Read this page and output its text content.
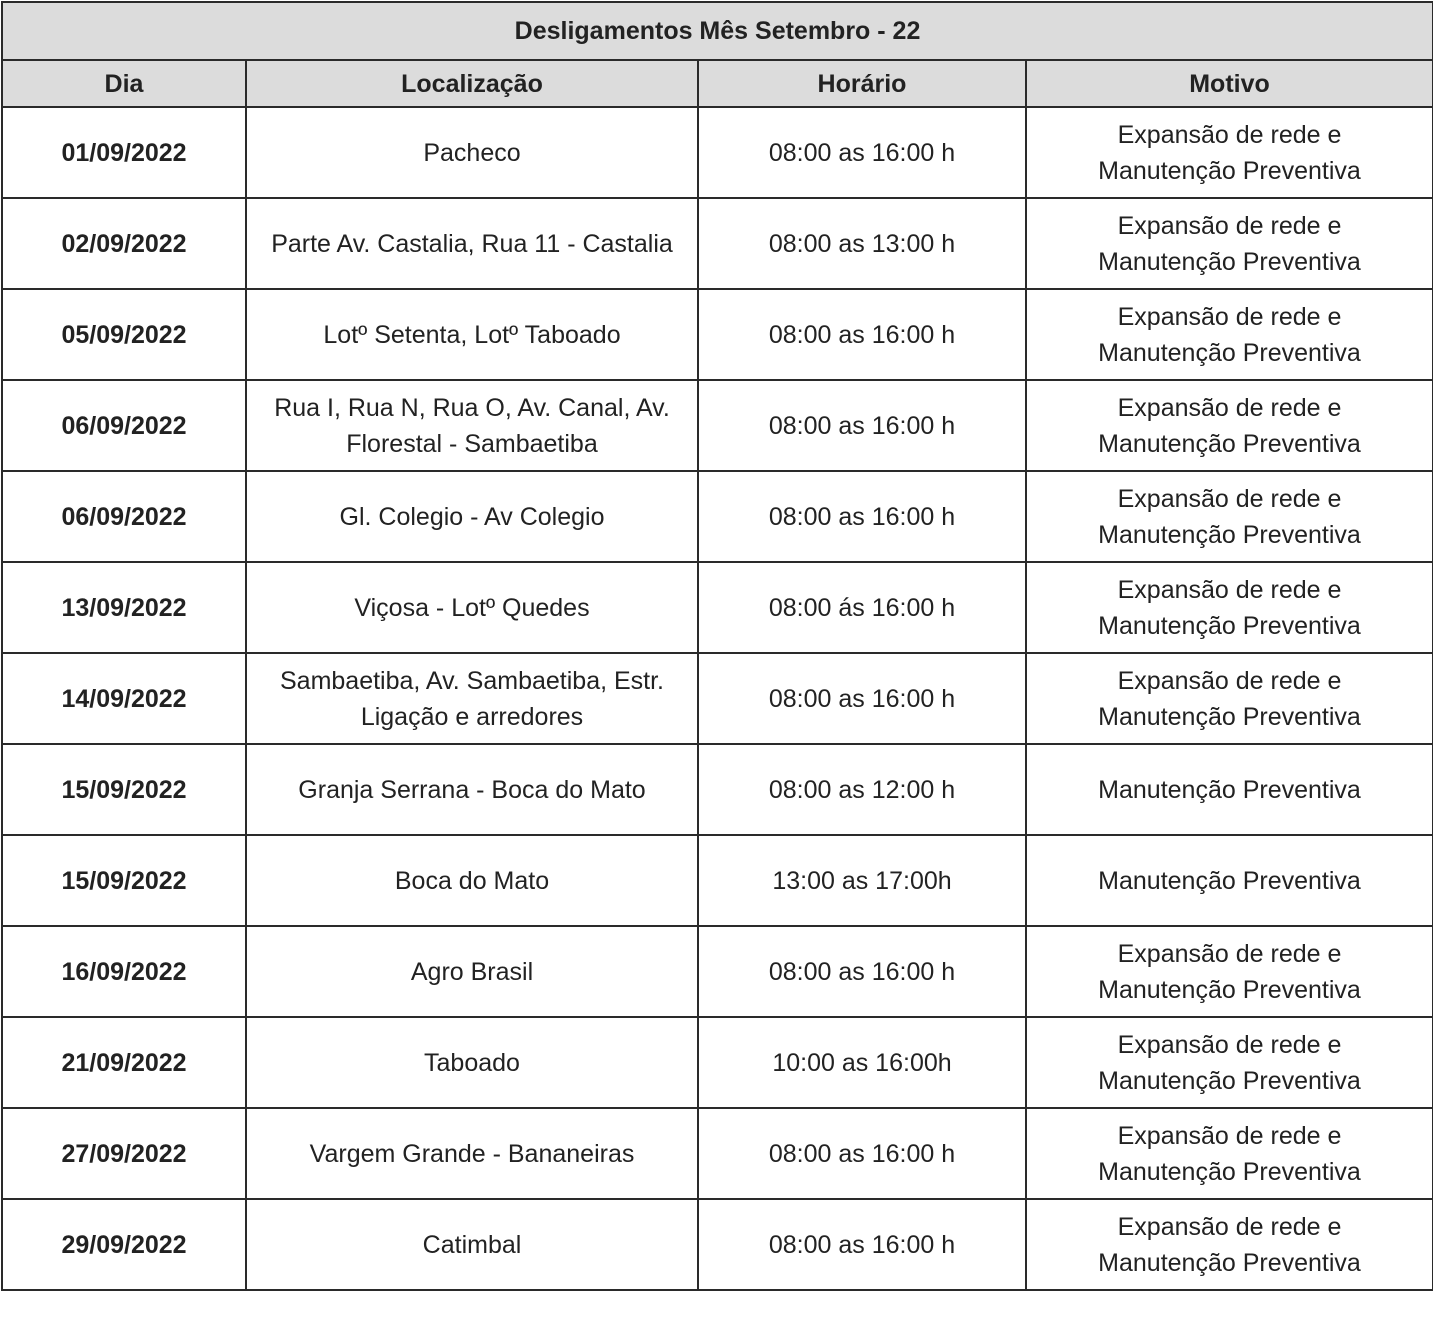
Desligamentos Mês Setembro - 22			
Dia	Localização	Horário	Motivo
01/09/2022	Pacheco	08:00 as 16:00 h	Expansão de rede e
Manutenção Preventiva

02/09/2022	Parte Av. Castalia, Rua 11 - Castalia	08:00 as 13:00 h	Expansão de rede e
Manutenção Preventiva

05/09/2022	Lotº Setenta, Lotº Taboado	08:00 as 16:00 h	Expansão de rede e
Manutenção Preventiva

06/09/2022	Rua I, Rua N, Rua O, Av. Canal, Av. Florestal - Sambaetiba	08:00 as 16:00 h	Expansão de rede e
Manutenção Preventiva

06/09/2022	Gl. Colegio - Av Colegio	08:00 as 16:00 h	Expansão de rede e
Manutenção Preventiva

13/09/2022	Viçosa - Lotº Quedes	08:00 ás 16:00 h	Expansão de rede e
Manutenção Preventiva

14/09/2022	Sambaetiba, Av. Sambaetiba, Estr. Ligação e arredores	08:00 as 16:00 h	Expansão de rede e
Manutenção Preventiva

15/09/2022	Granja Serrana - Boca do Mato	08:00 as 12:00 h	Manutenção Preventiva

15/09/2022	Boca do Mato	13:00 as 17:00h	Manutenção Preventiva

16/09/2022	Agro Brasil	08:00 as 16:00 h	Expansão de rede e
Manutenção Preventiva

21/09/2022	Taboado	10:00 as 16:00h	Expansão de rede e
Manutenção Preventiva

27/09/2022	Vargem Grande - Bananeiras	08:00 as 16:00 h	Expansão de rede e
Manutenção Preventiva

29/09/2022	Catimbal	08:00 as 16:00 h	Expansão de rede e
Manutenção Preventiva
